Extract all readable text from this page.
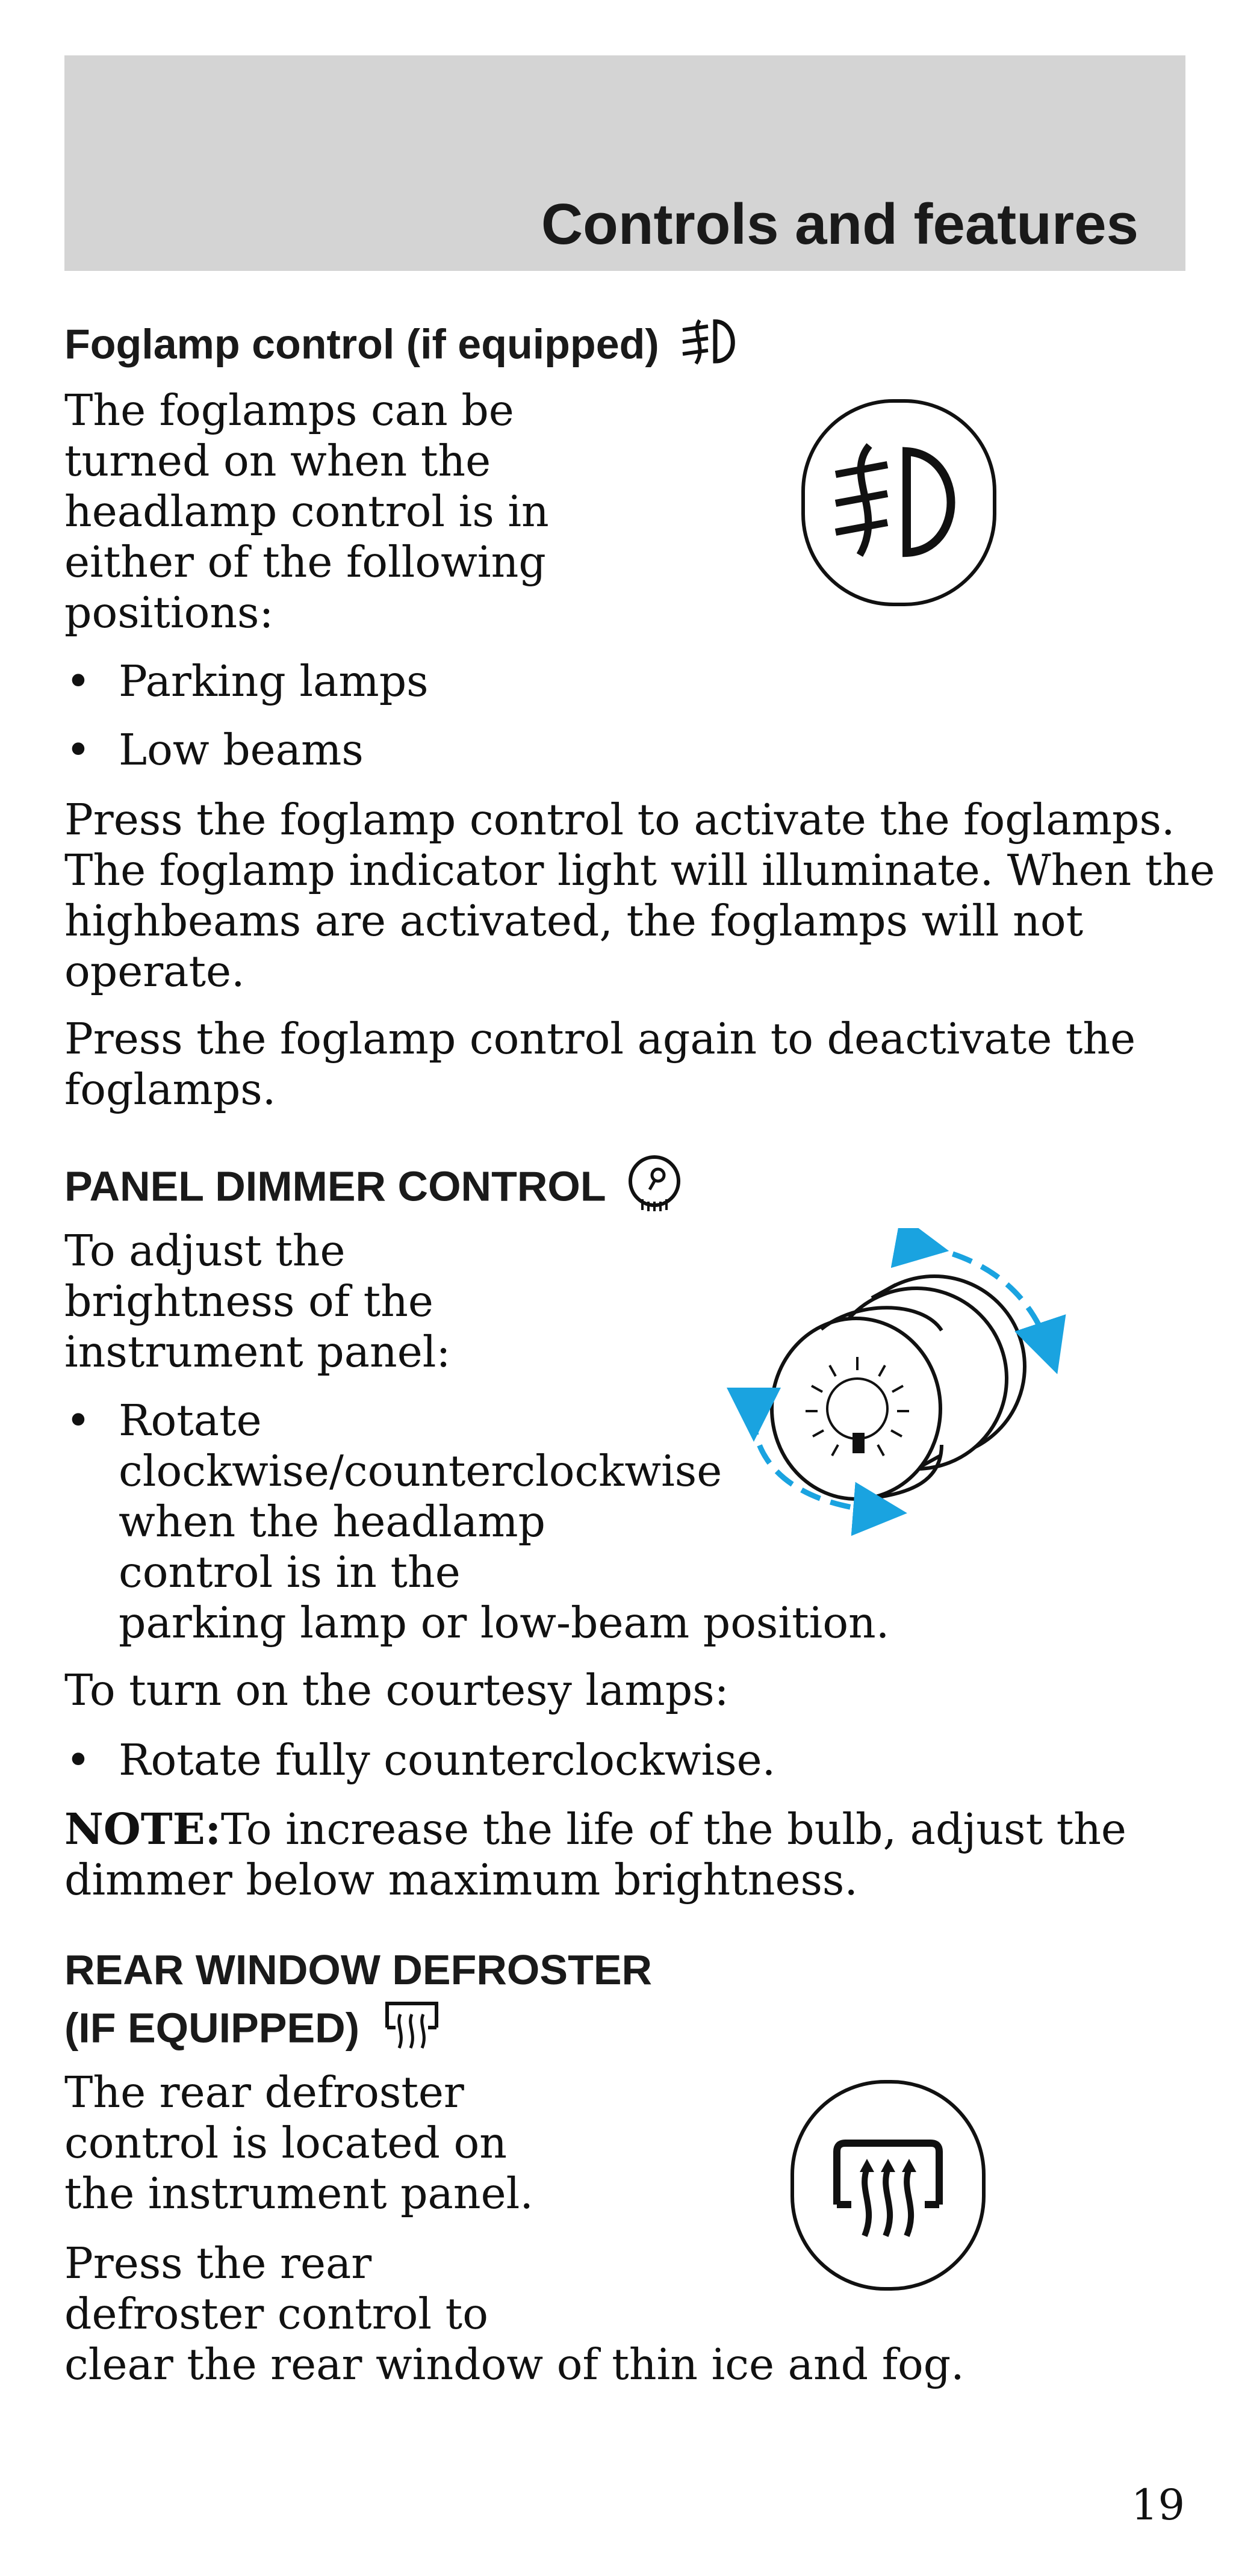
Controls and features
Foglamp control (if equipped)

The foglamps can be

turned on when the

headlamp control is in

either of the following

positions:

• Parking lamps
• Low beams

Press the foglamp control to activate the foglamps.

The foglamp indicator light will illuminate. When the

highbeams are activated, the foglamps will not

operate.

Press the foglamp control again to deactivate the

foglamps.

PANEL DIMMER CONTROL

To adjust the

brightness of the

instrument panel:

• Rotate
clockwise/counterclockwise
when the headlamp
control is in the
parking lamp or low-beam position.

To turn on the courtesy lamps:

• Rotate fully counterclockwise.

NOTE:To increase the life of the bulb, adjust the

dimmer below maximum brightness.

REAR WINDOW DEFROSTER
(IF EQUIPPED)

The rear defroster

control is located on

the instrument panel.

Press the rear

defroster control to

clear the rear window of thin ice and fog.

19
